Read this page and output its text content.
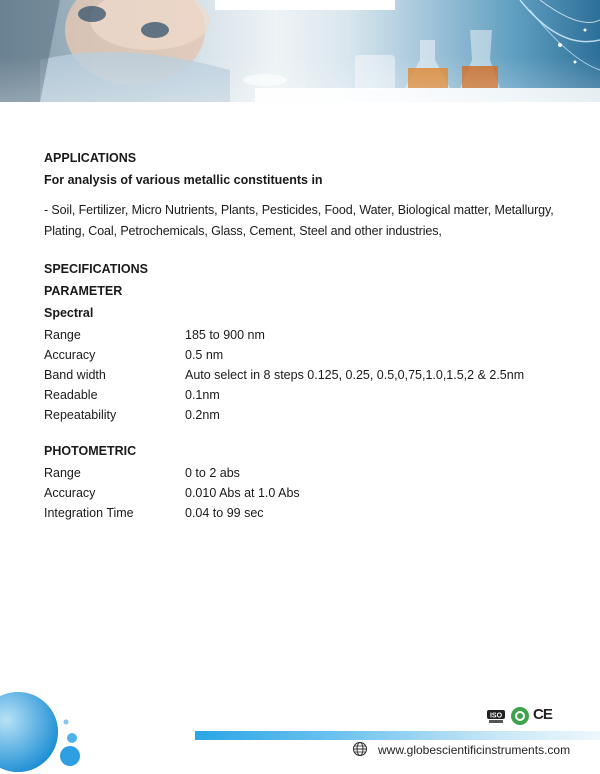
APPLICATIONS

For analysis of various metallic constituents in

- Soil, Fertilizer, Micro Nutrients, Plants, Pesticides, Food, Water, Biological matter, Metallurgy, Plating, Coal, Petrochemicals, Glass, Cement, Steel and other industries,

SPECIFICATIONS

PARAMETER

Spectral

Range	185 to 900 nm
Accuracy	0.5 nm
Band width	Auto select in 8 steps 0.125, 0.25, 0.5,0,75,1.0,1.5,2 & 2.5nm
Readable	0.1nm
Repeatability	0.2nm

PHOTOMETRIC

Range	0 to 2 abs
Accuracy	0.010 Abs at 1.0 Abs
Integration Time	0.04 to 99 sec
ISO CE
www.globescientificinstruments.com
